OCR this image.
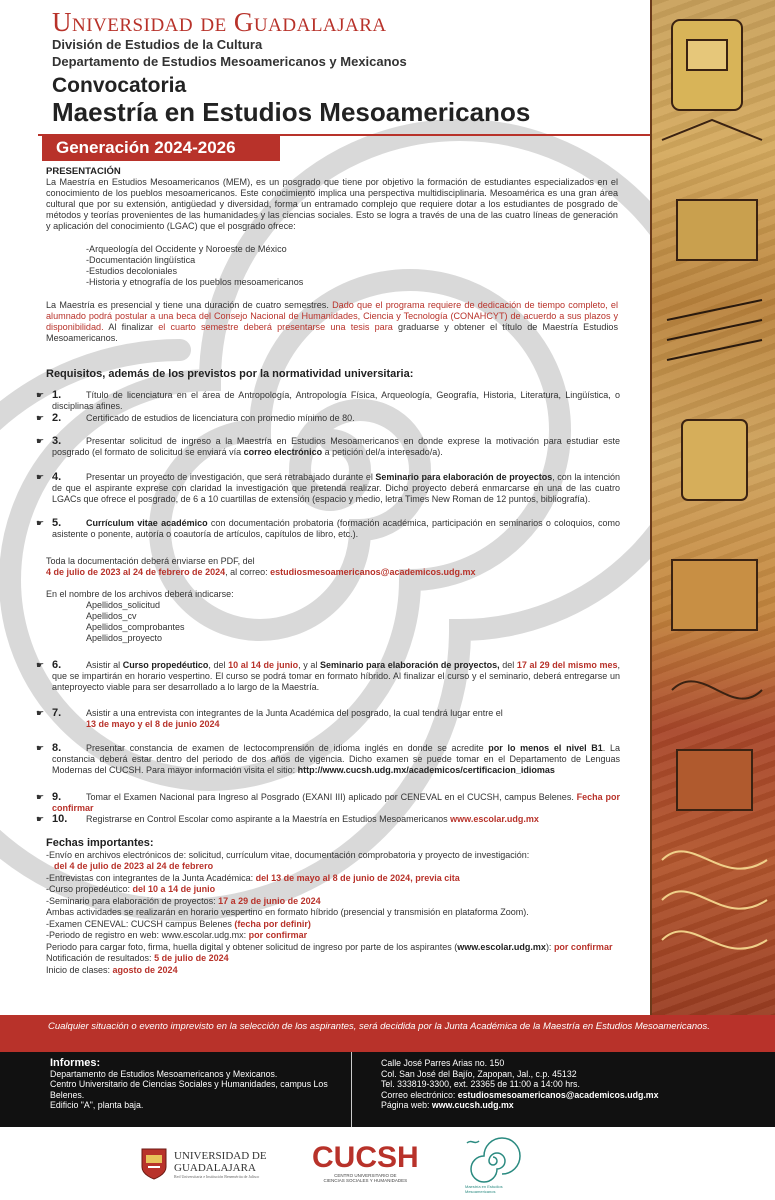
Universidad de Guadalajara
División de Estudios de la Cultura
Departamento de Estudios Mesoamericanos y Mexicanos
Convocatoria
Maestría en Estudios Mesoamericanos
Generación 2024-2026
PRESENTACIÓN
La Maestría en Estudios Mesoamericanos (MEM), es un posgrado que tiene por objetivo la formación de estudiantes especializados en el conocimiento de los pueblos mesoamericanos. Este conocimiento implica una perspectiva multidisciplinaria. Mesoamérica es una gran área cultural que por su extensión, antigüedad y diversidad, forma un entramado complejo que requiere dotar a los estudiantes de posgrado de métodos y teorías provenientes de las humanidades y las ciencias sociales. Esto se logra a través de una de las cuatro líneas de generación y aplicación del conocimiento (LGAC) que el posgrado ofrece:
-Arqueología del Occidente y Noroeste de México
-Documentación lingüística
-Estudios decoloniales
-Historia y etnografía de los pueblos mesoamericanos
La Maestría es presencial y tiene una duración de cuatro semestres. Dado que el programa requiere de dedicación de tiempo completo, el alumnado podrá postular a una beca del Consejo Nacional de Humanidades, Ciencia y Tecnología (CONAHCYT) de acuerdo a sus plazos y disponibilidad. Al finalizar el cuarto semestre deberá presentarse una tesis para graduarse y obtener el título de Maestría Estudios Mesoamericanos.
Requisitos, además de los previstos por la normatividad universitaria:
☛ 1.	Título de licenciatura en el área de Antropología, Antropología Física, Arqueología, Geografía, Historia, Literatura, Lingüística, o disciplinas afines.
☛ 2.	Certificado de estudios de licenciatura con promedio mínimo de 80.
☛ 3.	Presentar solicitud de ingreso a la Maestría en Estudios Mesoamericanos en donde exprese la motivación para estudiar este posgrado (el formato de solicitud se enviará vía correo electrónico a petición del/a interesado/a).
☛ 4.	Presentar un proyecto de investigación, que será retrabajado durante el Seminario para elaboración de proyectos, con la intención de que el aspirante exprese con claridad la investigación que pretenda realizar. Dicho proyecto deberá enmarcarse en una de las cuatro LGACs que ofrece el posgrado, de 6 a 10 cuartillas de extensión (espacio y medio, letra Times New Roman de 12 puntos, bibliografía).
☛ 5.	Currículum vitae académico con documentación probatoria (formación académica, participación en seminarios o coloquios, como asistente o ponente, autoría o coautoría de artículos, capítulos de libro, etc.).
Toda la documentación deberá enviarse en PDF, del
4 de julio de 2023 al 24 de febrero de 2024, al correo: estudiosmesoamericanos@academicos.udg.mx
En el nombre de los archivos deberá indicarse:
Apellidos_solicitud
Apellidos_cv
Apellidos_comprobantes
Apellidos_proyecto
☛ 6.	Asistir al Curso propedéutico, del 10 al 14 de junio, y al Seminario para elaboración de proyectos, del 17 al 29 del mismo mes, que se impartirán en horario vespertino. El curso se podrá tomar en formato híbrido. Al finalizar el curso y el seminario, deberá entregarse un anteproyecto viable para ser desarrollado a lo largo de la Maestría.
☛ 7.	Asistir a una entrevista con integrantes de la Junta Académica del posgrado, la cual tendrá lugar entre el
13 de mayo y el 8 de junio 2024
☛ 8.	Presentar constancia de examen de lectocomprensión de idioma inglés en donde se acredite por lo menos el nivel B1. La constancia deberá estar dentro del periodo de dos años de vigencia. Dicho examen se puede tomar en el Departamento de Lenguas Modernas del CUCSH. Para mayor información visita el sitio: http://www.cucsh.udg.mx/academicos/certificacion_idiomas
☛ 9.	Tomar el Examen Nacional para Ingreso al Posgrado (EXANI III) aplicado por CENEVAL en el CUCSH, campus Belenes. Fecha por confirmar
☛ 10. Registrarse en Control Escolar como aspirante a la Maestría en Estudios Mesoamericanos www.escolar.udg.mx
Fechas importantes:
-Envío en archivos electrónicos de: solicitud, currículum vitae, documentación comprobatoria y proyecto de investigación:
del 4 de julio de 2023 al 24 de febrero
-Entrevistas con integrantes de la Junta Académica: del 13 de mayo al 8 de junio de 2024, previa cita
-Curso propedéutico: del 10 a 14 de junio
-Seminario para elaboración de proyectos: 17 a 29 de junio de 2024
Ambas actividades se realizarán en horario vespertino en formato híbrido (presencial y transmisión en plataforma Zoom).
-Examen CENEVAL: CUCSH campus Belenes (fecha por definir)
-Periodo de registro en web: www.escolar.udg.mx: por confirmar
Periodo para cargar foto, firma, huella digital y obtener solicitud de ingreso por parte de los aspirantes (www.escolar.udg.mx): por confirmar
Notificación de resultados: 5 de julio de 2024
Inicio de clases: agosto de 2024
Cualquier situación o evento imprevisto en la selección de los aspirantes, será decidida por la Junta Académica de la Maestría en Estudios Mesoamericanos.
Informes:
Departamento de Estudios Mesoamericanos y Mexicanos.
Centro Universitario de Ciencias Sociales y Humanidades, campus Los Belenes.
Edificio "A", planta baja.
Calle José Parres Arias no. 150
Col. San José del Bajío, Zapopan, Jal., c.p. 45132
Tel. 333819-3300, ext. 23365 de 11:00 a 14:00 hrs.
Correo electrónico: estudiosmesoamericanos@academicos.udg.mx
Página web: www.cucsh.udg.mx
UNIVERSIDAD DE
GUADALAJARA
Red Universitaria e Institución Benemérita de Jalisco
CUCSH
CENTRO UNIVERSITARIO DE
CIENCIAS SOCIALES Y HUMANIDADES
Maestría en Estudios Mesoamericanos
